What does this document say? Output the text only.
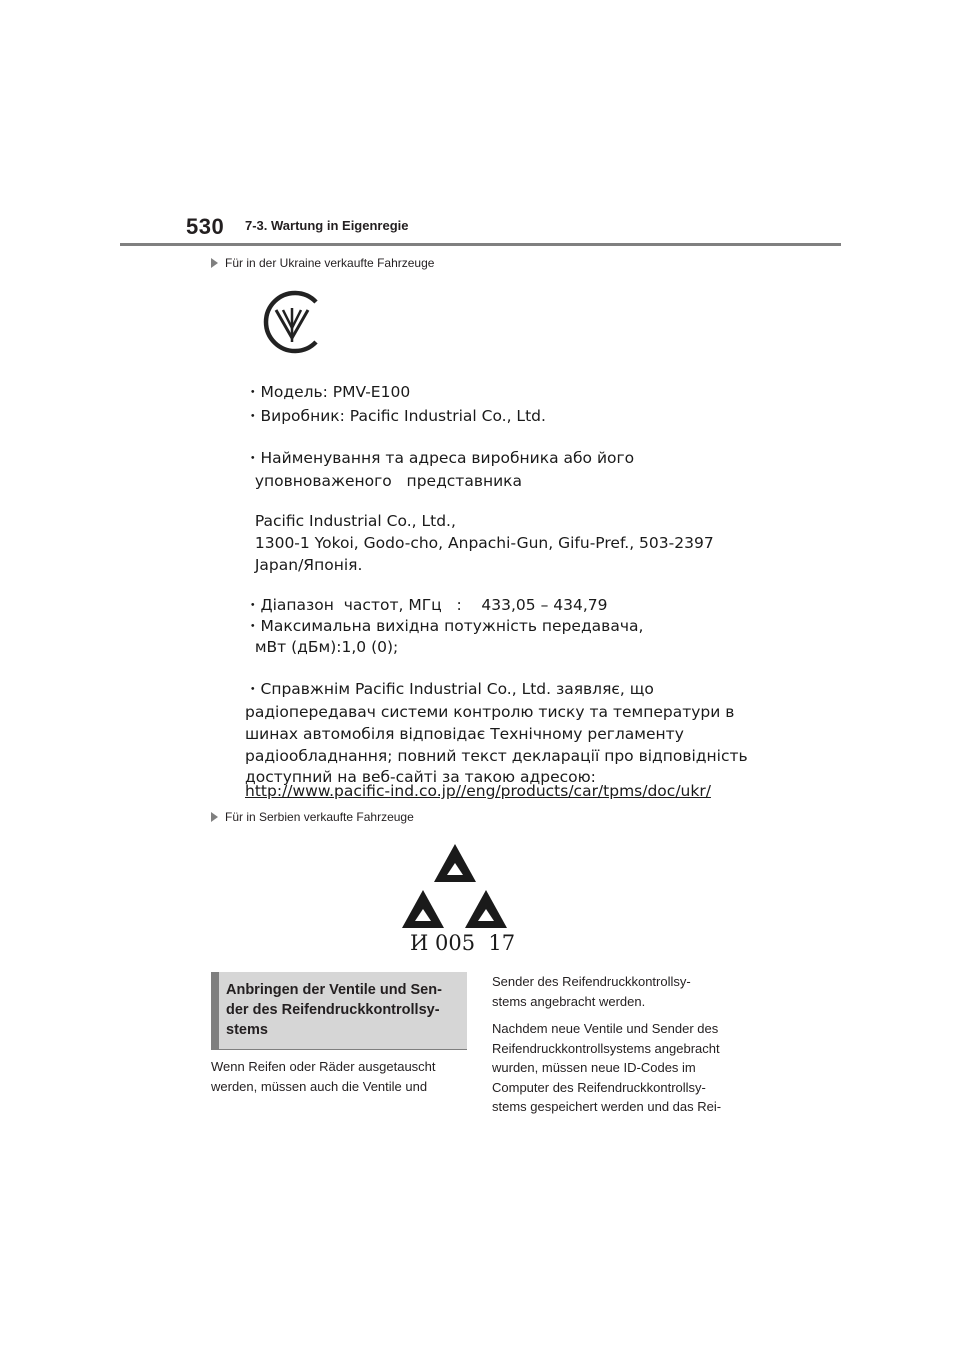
530 7-3. Wartung in Eigenregie
Für in der Ukraine verkaufte Fahrzeuge
・Модель: PMV-E100
・Виробник: Pacific Industrial Co., Ltd.
・Найменування та адреса виробника або його
уповноваженого   представника
Pacific Industrial Co., Ltd.,
1300-1 Yokoi, Godo-cho, Anpachi-Gun, Gifu-Pref., 503-2397
Japan/Японія.
・Діапазон  частот, МГц   :    433,05 – 434,79
・Максимальна вихідна потужність передавача,
мВт (дБм):1,0 (0);
・Справжнім Pacific Industrial Co., Ltd. заявляє, що
радіопередавач системи контролю тиску та температури в
шинах автомобіля відповідає Технічному регламенту
радіообладнання; повний текст декларації про відповідність
доступний на веб-сайті за такою адресою:
http://www.pacific-ind.co.jp//eng/products/car/tpms/doc/ukr/
Für in Serbien verkaufte Fahrzeuge
И 005  17
Anbringen der Ventile und Sen-
der des Reifendruckkontrollsy-
stems
Wenn Reifen oder Räder ausgetauscht
werden, müssen auch die Ventile und
Sender des Reifendruckkontrollsy-
stems angebracht werden.
Nachdem neue Ventile und Sender des
Reifendruckkontrollsystems angebracht
wurden, müssen neue ID-Codes im
Computer des Reifendruckkontrollsy-
stems gespeichert werden und das Rei-
